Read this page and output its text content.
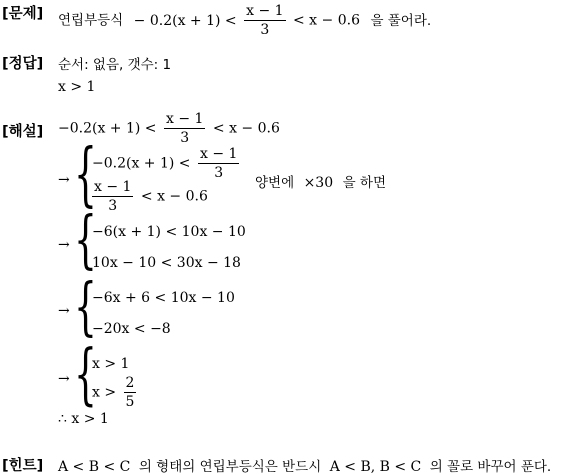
[문제] 연립부등식 − $0.2(x + 1) < \frac{x - 1}{3} < x - 0.6$ 을 풀어라.
[정답] 순서: 없음, 갯수: 1
x > 1
[해설] $-0.2(x + 1) < \frac{x - 1}{3} < x - 0.6$
→ {
$-0.2(x + 1) < \frac{x - 1}{3}$
$\frac{x - 1}{3} < x - 0.6$
양변에 ×30 을 하면
→ {
−6(x + 1) < 10x − 10
10x − 10 < 30x − 18
→ {
−6x + 6 < 10x − 10
−20x < −8
→ {
x > 1
$x > \frac{2}{5}$
∴ x > 1
[힌트] A < B < C 의 형태의 연립부등식은 반드시 A < B, B < C 의 꼴로 바꾸어 푼다.
